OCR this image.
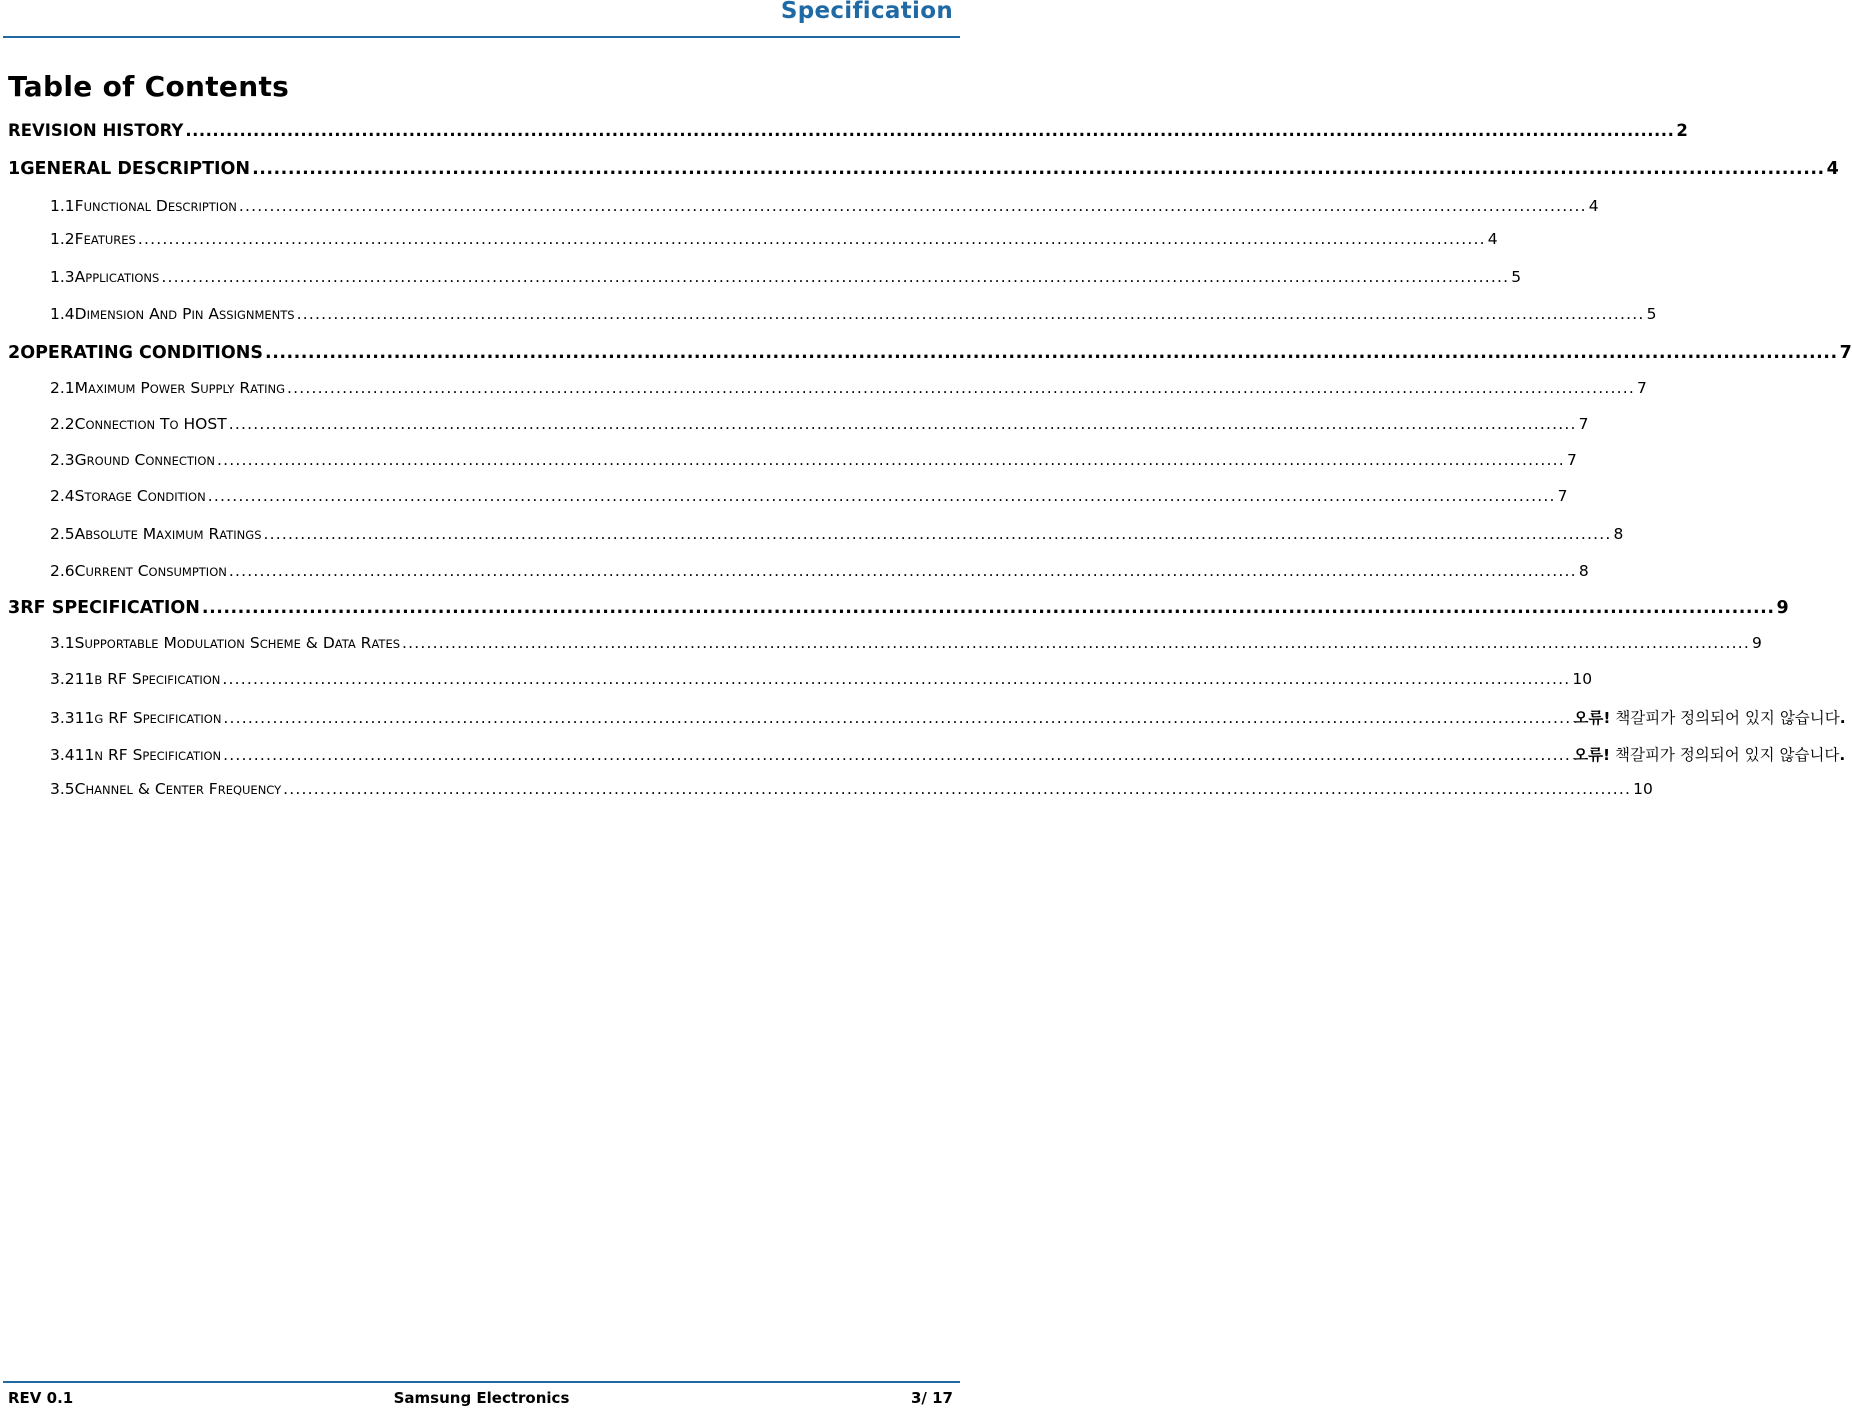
Specification
Table of Contents
REVISION HISTORY ............................................................................................................................................................................................................................ 2
1 GENERAL DESCRIPTION ............................................................................................................................................................................................................................ 4
1.1 FUNCTIONAL DESCRIPTION ............................................................................................................................................................................................................................ 4
1.2 FEATURES ............................................................................................................................................................................................................................ 4
1.3 APPLICATIONS ............................................................................................................................................................................................................................ 5
1.4 DIMENSION AND PIN ASSIGNMENTS ............................................................................................................................................................................................................................ 5
2 OPERATING CONDITIONS ............................................................................................................................................................................................................................ 7
2.1 MAXIMUM POWER SUPPLY RATING ............................................................................................................................................................................................................................ 7
2.2 CONNECTION TO HOST ............................................................................................................................................................................................................................ 7
2.3 GROUND CONNECTION ............................................................................................................................................................................................................................ 7
2.4 STORAGE CONDITION ............................................................................................................................................................................................................................ 7
2.5 ABSOLUTE MAXIMUM RATINGS ............................................................................................................................................................................................................................ 8
2.6 CURRENT CONSUMPTION ............................................................................................................................................................................................................................ 8
3 RF SPECIFICATION ............................................................................................................................................................................................................................ 9
3.1 SUPPORTABLE MODULATION SCHEME & DATA RATES ............................................................................................................................................................................................................................ 9
3.2 11B RF SPECIFICATION ............................................................................................................................................................................................................................ 10
3.3 11G RF SPECIFICATION ............................................................................................................................................................................................................................ 오류! 책갈피가 정의되어 있지 않습니다.
3.4 11N RF SPECIFICATION ............................................................................................................................................................................................................................ 오류! 책갈피가 정의되어 있지 않습니다.
3.5 CHANNEL & CENTER FREQUENCY ............................................................................................................................................................................................................................ 10
REV 0.1	Samsung Electronics	3/ 17
